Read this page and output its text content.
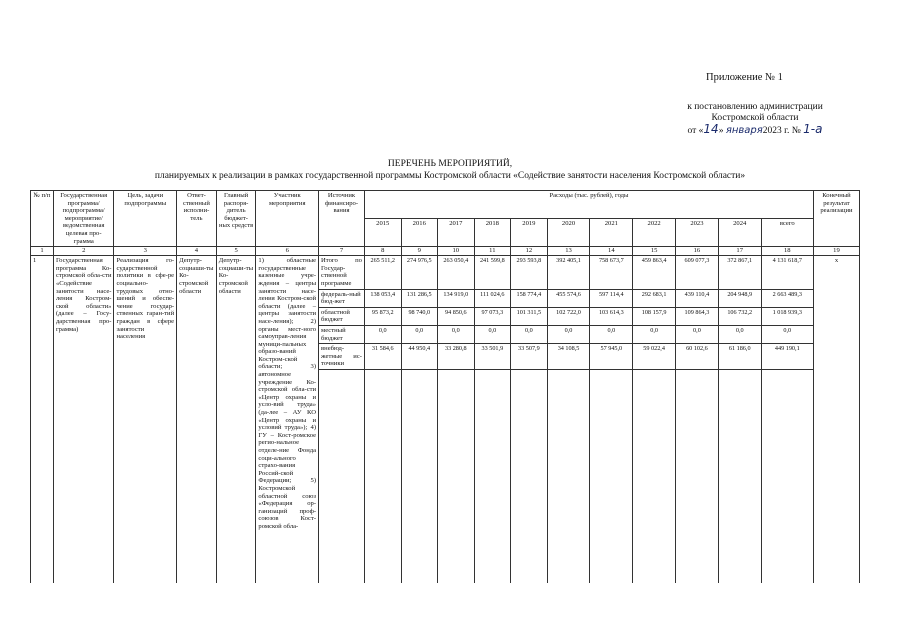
Приложение № 1
к постановлению администрации
Костромской области
от «14» января2023 г. № 1-а
ПЕРЕЧЕНЬ МЕРОПРИЯТИЙ,
планируемых к реализации в рамках государственной программы Костромской области «Содействие занятости населения Костромской области»
№ п/п	Государственная программа/ подпрограмма/ мероприятие/ ведомственная целевая про-грамма	Цель, задачи подпрограммы	Ответ-ственный исполни-тель	Главный распоря-дитель бюджет-ных средств	Участник мероприятия	Источник финансиро-вания	Расходы (тыс. рублей), годы											Конечный результат реализации
							2015	2016	2017	2018	2019	2020	2021	2022	2023	2024	всего	
1	2	3	4	5	6	7	8	9	10	11	12	13	14	15	16	17	18	19
1	Государственная программа Ко-стромской обла-сти «Содействие занятости насе-ления Костром-ской области» (далее – Госу-дарственная про-грамма)	Реализация го-сударственной политики в сфе-ре социально-трудовых отно-шений и обеспе-чение государ-ственных гаран-тий граждан в сфере занятости населения	Депутр-социаши-ты Ко-стромской области	Депутр-социаши-ты Ко-стромской области	1) областные государственные казенные учре-ждения – центры занятости насе-ления Костром-ской области (далее – центры занятости насе-ления); 2) органы мест-ного самоуправ-ления муници-пальных образо-ваний Костром-ской области; 3) автономное учреждение Ко-стромской обла-сти «Центр охраны и усло-вий труда» (да-лее – АУ КО «Центр охраны и условий труда»); 4) ГУ – Кост-ромское регио-нальное отделе-ние Фонда соци-ального страхо-вания Россий-ской Федерации; 5) Костромской областной союз «Федерация ор-ганизаций проф-союзов Кост-ромской обла-	Итого по Государ-ственной программе	265 511,2	274 976,5	263 050,4	241 599,8	293 593,8	392 405,1	758 673,7	459 863,4	609 077,3	372 867,1	4 131 618,7	х
						федераль-ный бюд-жет	138 053,4	131 286,5	134 919,0	111 024,6	158 774,4	455 574,6	597 114,4	292 683,1	439 110,4	204 948,9	2 663 489,3	
						областной бюджет	95 873,2	98 740,0	94 850,6	97 073,3	101 311,5	102 722,0	103 614,3	108 157,9	109 864,3	106 732,2	1 018 939,3	
						местный бюджет	0,0	0,0	0,0	0,0	0,0	0,0	0,0	0,0	0,0	0,0	0,0	
						внебюд-жетные ис-точники	31 584,6	44 950,4	33 280,8	33 501,9	33 507,9	34 108,5	57 945,0	59 022,4	60 102,6	61 186,0	449 190,1	
